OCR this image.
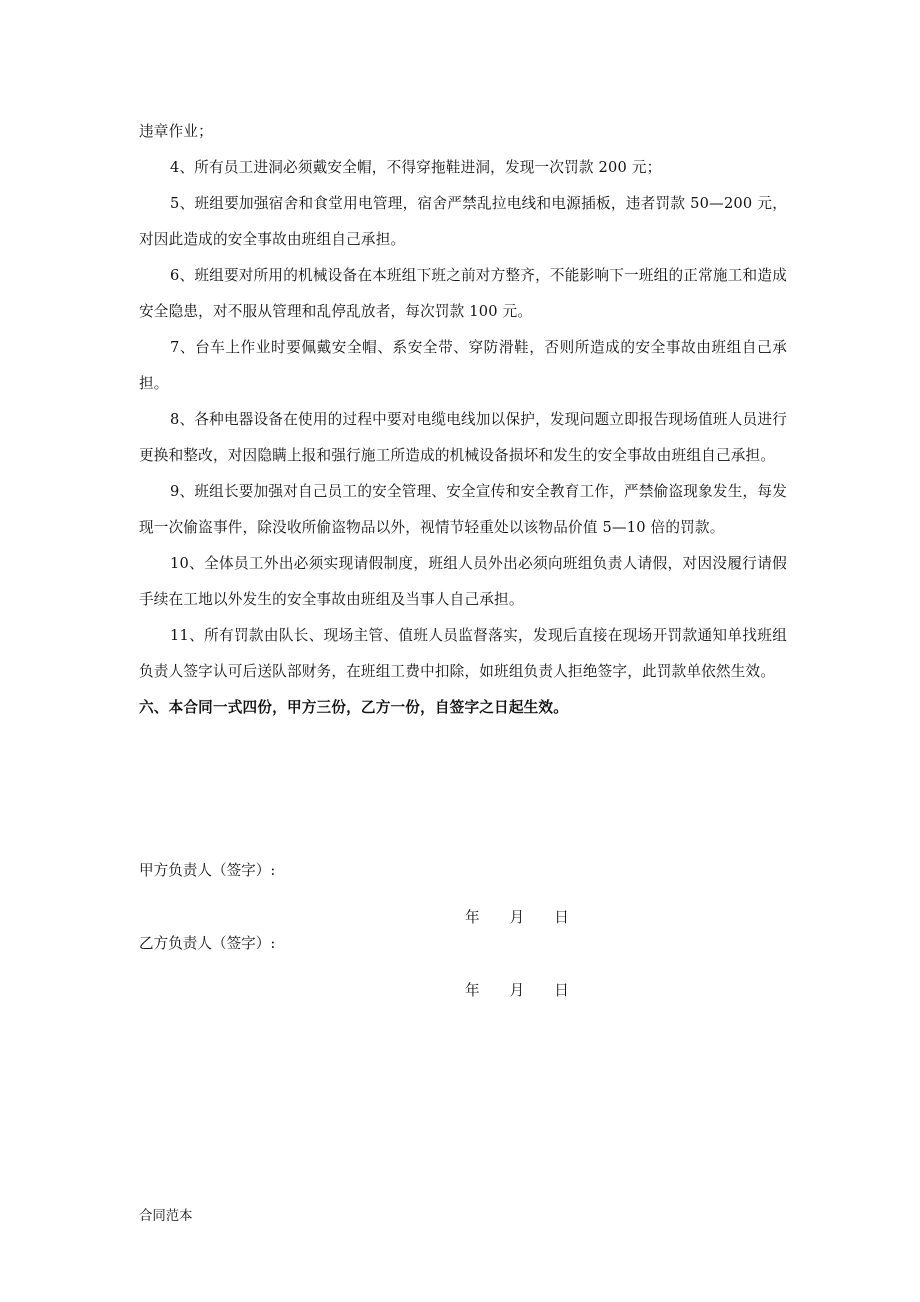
违章作业；

4、所有员工进洞必须戴安全帽，不得穿拖鞋进洞，发现一次罚款 200 元；

5、班组要加强宿舍和食堂用电管理，宿舍严禁乱拉电线和电源插板，违者罚款 50—200 元，对因此造成的安全事故由班组自己承担。

6、班组要对所用的机械设备在本班组下班之前对方整齐，不能影响下一班组的正常施工和造成安全隐患，对不服从管理和乱停乱放者，每次罚款 100 元。

7、台车上作业时要佩戴安全帽、系安全带、穿防滑鞋，否则所造成的安全事故由班组自己承担。

8、各种电器设备在使用的过程中要对电缆电线加以保护，发现问题立即报告现场值班人员进行更换和整改，对因隐瞒上报和强行施工所造成的机械设备损坏和发生的安全事故由班组自己承担。

9、班组长要加强对自己员工的安全管理、安全宣传和安全教育工作，严禁偷盗现象发生，每发现一次偷盗事件，除没收所偷盗物品以外，视情节轻重处以该物品价值 5—10 倍的罚款。

10、全体员工外出必须实现请假制度，班组人员外出必须向班组负责人请假，对因没履行请假手续在工地以外发生的安全事故由班组及当事人自己承担。

11、所有罚款由队长、现场主管、值班人员监督落实，发现后直接在现场开罚款通知单找班组负责人签字认可后送队部财务，在班组工费中扣除，如班组负责人拒绝签字，此罚款单依然生效。

六、本合同一式四份，甲方三份，乙方一份，自签字之日起生效。

甲方负责人（签字）:
年 月 日
乙方负责人（签字）:
年 月 日
合同范本
